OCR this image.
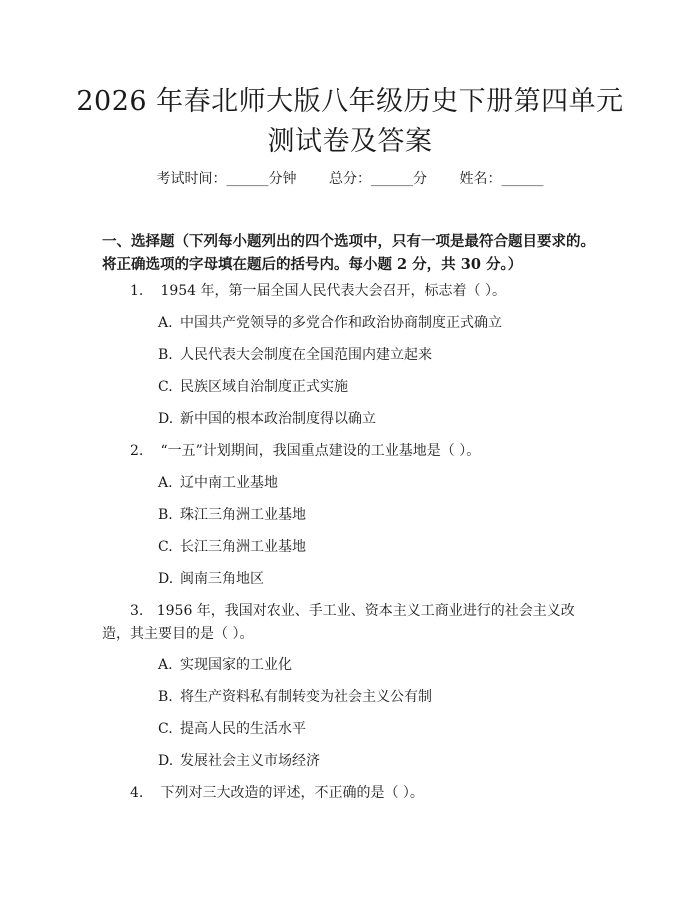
2026 年春北师大版八年级历史下册第四单元
测试卷及答案
考试时间：______分钟 总分：______分 姓名：______
一、选择题（下列每小题列出的四个选项中，只有一项是最符合题目要求的。将正确选项的字母填在题后的括号内。每小题 2 分，共 30 分。）
1. 1954 年，第一届全国人民代表大会召开，标志着（ ）。
A. 中国共产党领导的多党合作和政治协商制度正式确立
B. 人民代表大会制度在全国范围内建立起来
C. 民族区域自治制度正式实施
D. 新中国的根本政治制度得以确立
2. “一五”计划期间，我国重点建设的工业基地是（ ）。
A. 辽中南工业基地
B. 珠江三角洲工业基地
C. 长江三角洲工业基地
D. 闽南三角地区
3. 1956 年，我国对农业、手工业、资本主义工商业进行的社会主义改造，其主要目的是（ ）。
A. 实现国家的工业化
B. 将生产资料私有制转变为社会主义公有制
C. 提高人民的生活水平
D. 发展社会主义市场经济
4. 下列对三大改造的评述，不正确的是（ ）。
